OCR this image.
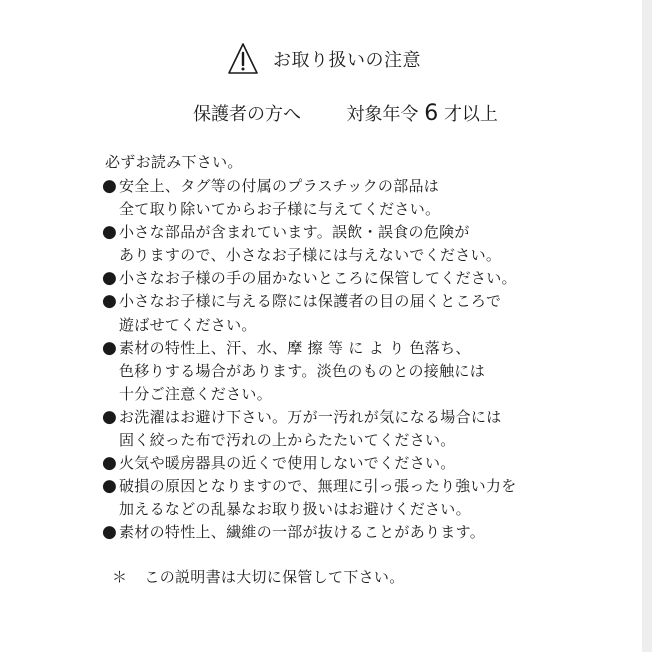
お取り扱いの注意
保護者の方へ	対象年令 6 才以上
必ずお読み下さい。
● 安全上、タグ等の付属のプラスチックの部品は
全て取り除いてからお子様に与えてください。
● 小さな部品が含まれています。誤飲・誤食の危険が
ありますので、小さなお子様には与えないでください。
● 小さなお子様の手の届かないところに保管してください。
● 小さなお子様に与える際には保護者の目の届くところで
遊ばせてください。
● 素材の特性上、汗、水、摩 擦 等 に よ り 色落ち、
色移りする場合があります。淡色のものとの接触には
十分ご注意ください。
● お洗濯はお避け下さい。万が一汚れが気になる場合には
固く絞った布で汚れの上からたたいてください。
● 火気や暖房器具の近くで使用しないでください。
● 破損の原因となりますので、無理に引っ張ったり強い力を
加えるなどの乱暴なお取り扱いはお避けください。
● 素材の特性上、繊維の一部が抜けることがあります。
＊ この説明書は大切に保管して下さい。
